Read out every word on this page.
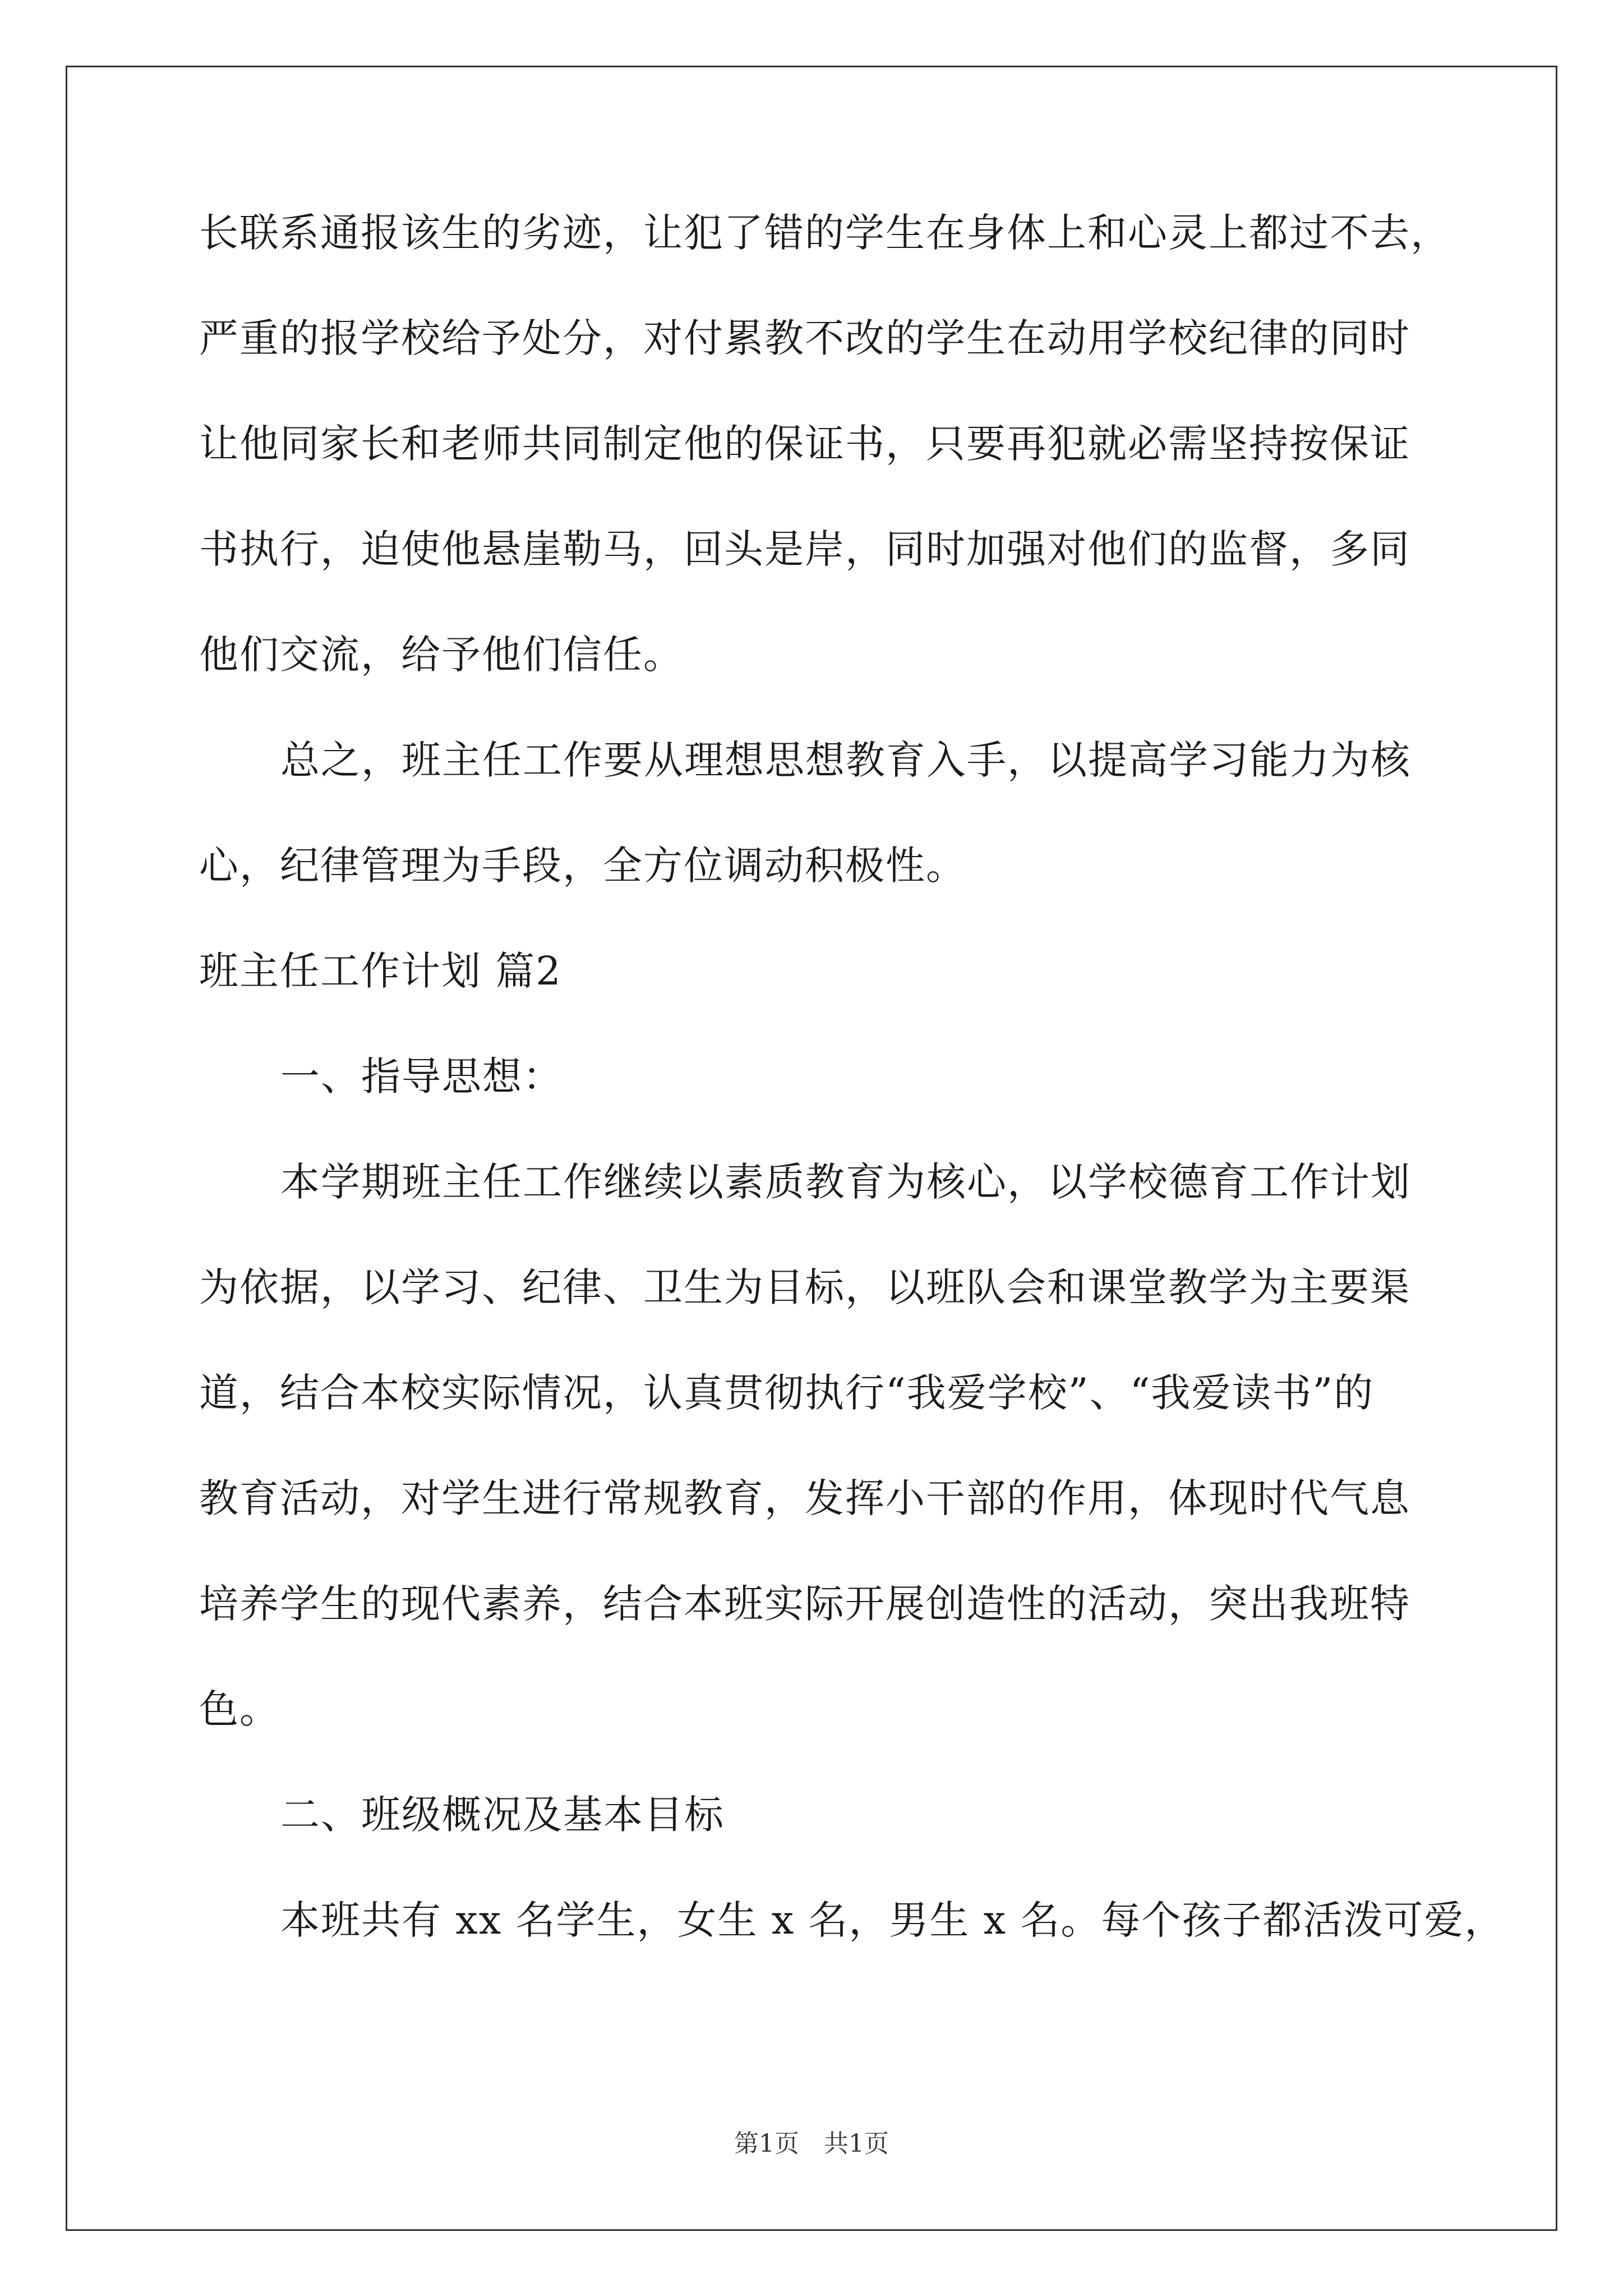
长联系通报该生的劣迹，让犯了错的学生在身体上和心灵上都过不去，
严重的报学校给予处分，对付累教不改的学生在动用学校纪律的同时
让他同家长和老师共同制定他的保证书，只要再犯就必需坚持按保证
书执行，迫使他悬崖勒马，回头是岸，同时加强对他们的监督，多同
他们交流，给予他们信任。
总之，班主任工作要从理想思想教育入手，以提高学习能力为核
心，纪律管理为手段，全方位调动积极性。
班主任工作计划 篇2
一、指导思想：
本学期班主任工作继续以素质教育为核心，以学校德育工作计划
为依据，以学习、纪律、卫生为目标，以班队会和课堂教学为主要渠
道，结合本校实际情况，认真贯彻执行“我爱学校”、“我爱读书”的
教育活动，对学生进行常规教育，发挥小干部的作用，体现时代气息
培养学生的现代素养，结合本班实际开展创造性的活动，突出我班特
色。
二、班级概况及基本目标
本班共有 xx 名学生，女生 x 名，男生 x 名。每个孩子都活泼可爱，
第1页　共1页
